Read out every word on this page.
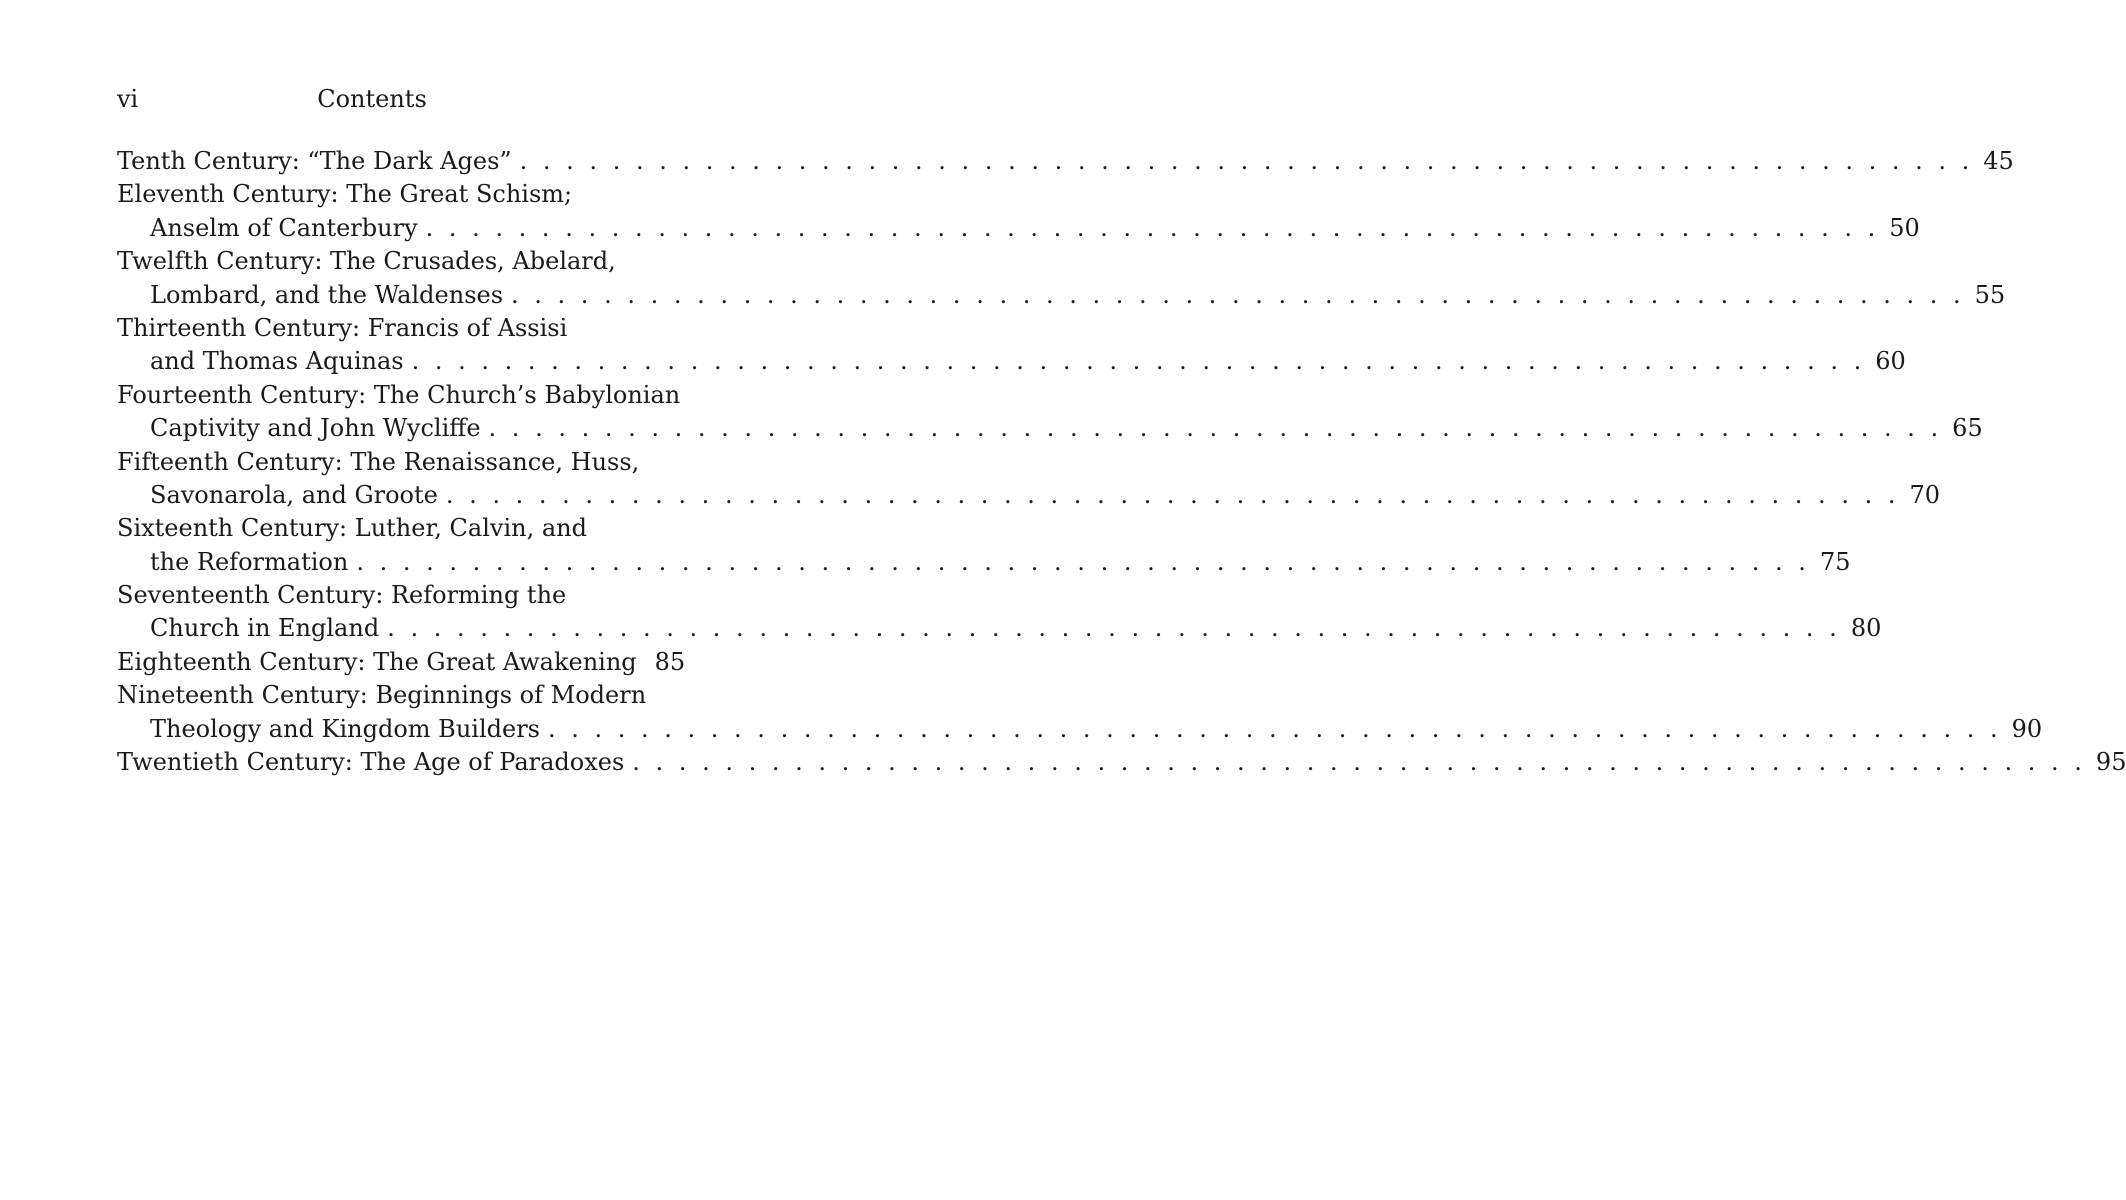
vi	Contents
Tenth Century: “The Dark Ages” . . .	45
Eleventh Century: The Great Schism;
Anselm of Canterbury . . .	50
Twelfth Century: The Crusades, Abelard,
Lombard, and the Waldenses . . .	55
Thirteenth Century: Francis of Assisi
and Thomas Aquinas . . .	60
Fourteenth Century: The Church’s Babylonian
Captivity and John Wycliffe . . .	65
Fifteenth Century: The Renaissance, Huss,
Savonarola, and Groote . . .	70
Sixteenth Century: Luther, Calvin, and
the Reformation . . .	75
Seventeenth Century: Reforming the
Church in England . . .	80
Eighteenth Century: The Great Awakening 85
Nineteenth Century: Beginnings of Modern
Theology and Kingdom Builders . . .	90
Twentieth Century: The Age of Paradoxes . . .	95
